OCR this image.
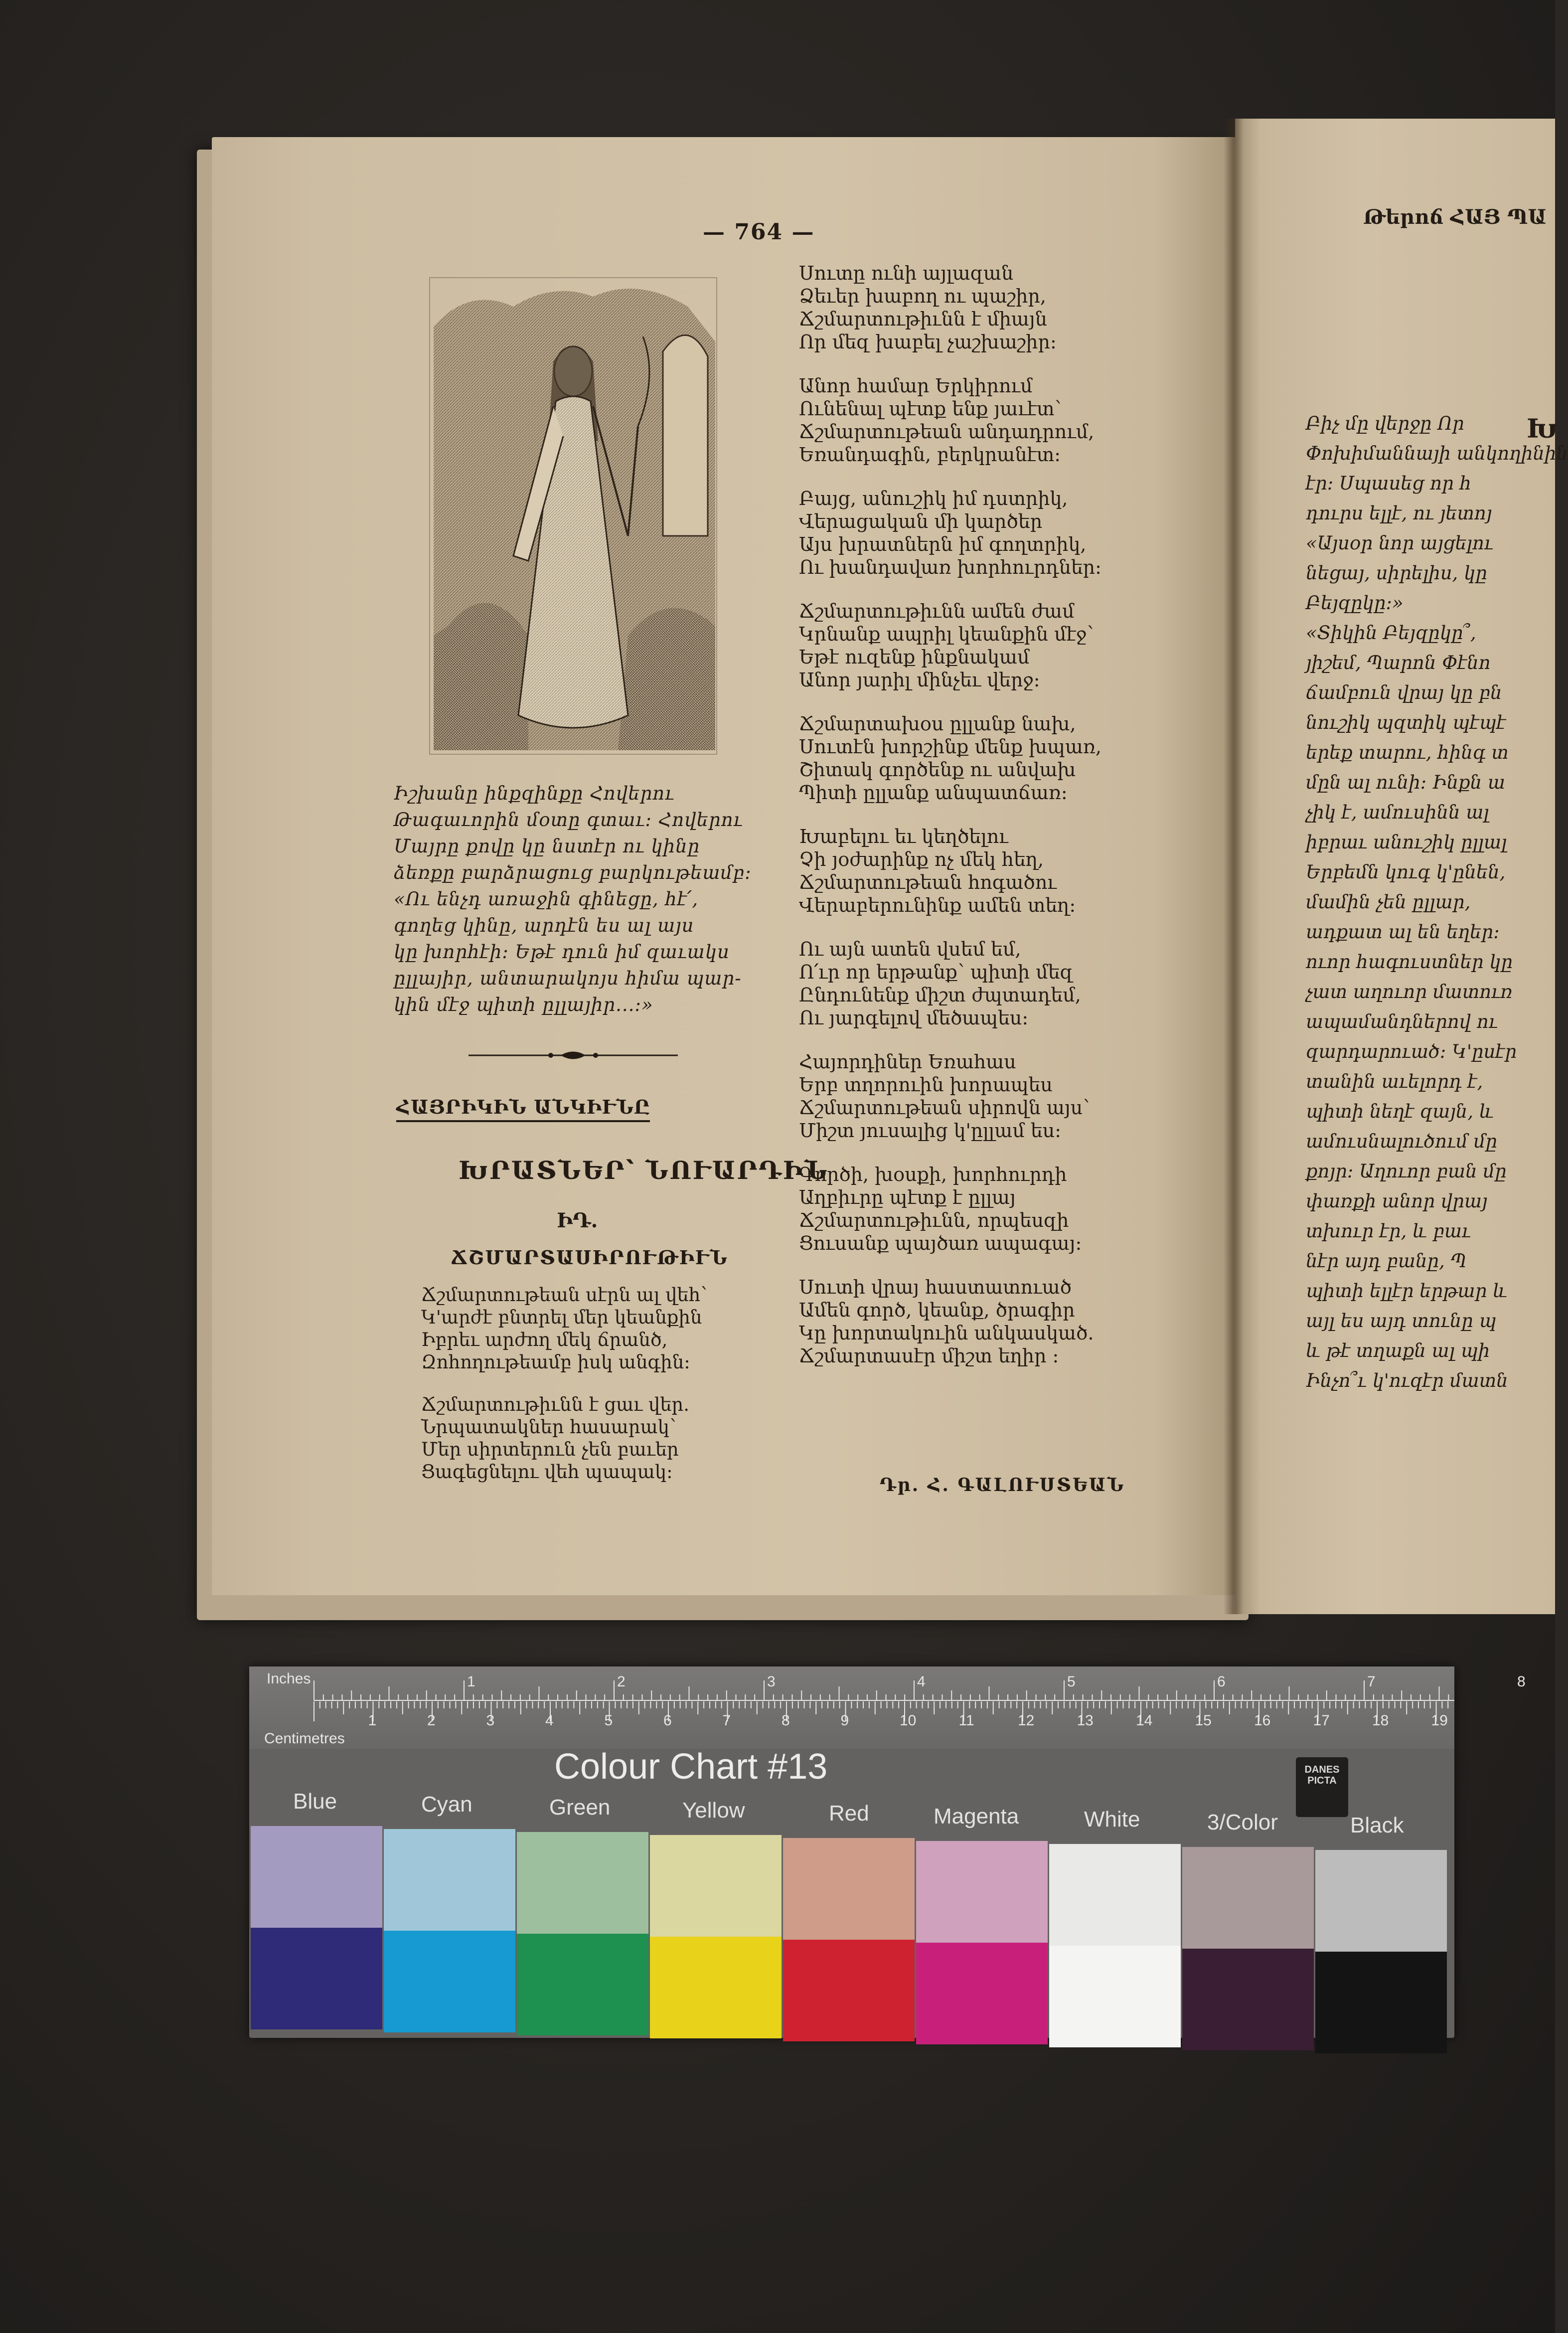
— 764 —
Թերոճ ՀԱՅ ՊԱ

Իշխանը ինքզինքը Հովերու

Թագաւորին մօտը գտաւ։ Հովերու

Մայրը քովը կը նստէր ու կինը

ձեռքը բարձրացուց բարկութեամբ։

«Ու ենչդ առաջին գինեցը, հէ՛,

գողեց կինը, արդէն ես ալ այս

կը խորհէի։ Եթէ դուն իմ զաւակս

ըլլայիր, անտարակոյս հիմա պար-

կին մէջ պիտի ըլլայիր...։»

ՀԱՅՐԻԿԻՆ ԱՆԿԻՒՆԸ
ԽՐԱՏՆԵՐ՝ ՆՈՒԱՐԴԻՆ
ԻԴ.
ՃՇՄԱՐՏԱՍԻՐՈՒԹԻՒՆ

Ճշմարտութեան սէրն ալ վեհ՝

Կ'արժէ բնտրել մեր կեանքին

Իբրեւ արժող մեկ ճրանծ,

Զոհողութեամբ իսկ անգին:

Ճշմարտութիւնն է ցաւ վեր.

Նրպատակներ հասարակ՝

Մեր սիրտերուն չեն բաւեր

Ցագեցնելու վեհ պապակ:

Սուտը ունի այլազան

Ձեւեր խաբող ու պաշիր,

Ճշմարտութիւնն է միայն

Որ մեզ խաբել չաշխաշիր:

Անոր համար Երկիրում

Ունենալ պէտք ենք յաւէտ՝

Ճշմարտութեան անդադրում,

Եռանդագին, բերկրանէտ:

Բայց, անուշիկ իմ դստրիկ,

Վերացական մի կարծեր

Այս խրատներն իմ գողտրիկ,

Ու խանդավառ խորհուրդներ:

Ճշմարտութիւնն ամեն ժամ

Կրնանք ապրիլ կեանքին մէջ՝

Եթէ ուզենք ինքնակամ

Անոր յարիլ մինչեւ վերջ:

Ճշմարտախօս ըլլանք նախ,

Սուտէն խորշինք մենք խպառ,

Շիտակ գործենք ու անվախ

Պիտի ըլլանք անպատճառ:

Խաբելու եւ կեղծելու

Չի յօժարինք ոչ մեկ հեղ,

Ճշմարտութեան հոգածու

Վերաբերունինք ամեն տեղ:

Ու այն ատեն վսեմ եմ,

Ո՛ւր որ երթանք՝ պիտի մեզ

Ընդունենք միշտ ժպտադեմ,

Ու յարգելով մեծապես:

Հայորդիներ Եռահաս

Երբ տղորուին խորապես

Ճշմարտութեան սիրովն այս՝

Միշտ յուսալից կ'ըլլամ ես:

Գործի, խօսքի, խորհուրդի

Աղբիւրը պէտք է ըլլայ

Ճշմարտութիւնն, որպեսզի

Ցուսանք պայծառ ապագայ:

Սուտի վրայ հաստատուած

Ամեն գործ, կեանք, ծրագիր

Կը խորտակուին անկասկած.

Ճշմարտասէր միշտ եղիր :

Դր. Հ. ԳԱԼՈՒՍՏԵԱՆ
Խ

Բիչ մը վերջը Որ

Փոխիմաննայի անկողինին

էր։ Սպասեց որ հ

դուրս ելլէ, ու յետոյ

«Այսօր նոր այցելու

նեցայ, սիրելիս, կը

Բեյզըկը։»

«Տիկին Բեյզըկը՞,

յիշեմ, Պարոն Փէնո

ճամբուն վրայ կը բն

նուշիկ պզտիկ պէպէ

երեք տարու, հինգ տ

մըն ալ ունի։ Ինքն ա

չիկ է, ամուսինն ալ

իբրաւ անուշիկ ըլլալ

Երբեմն կուգ կ'ընեն,

մամին չեն ըլլար,

ադքատ ալ են եղեր։

ուոր հագուստներ կը

չատ աղուոր մատուռ

ապամանդներով ու

զարդարուած։ Կ'ըսէր

տանին աւելորդ է,

պիտի նեղէ զայն, և

ամուսնալուծում մը

քոյր։ Աղուոր բան մը

փառքի անոր վրայ

տխուր էր, և բաւ

նէր այդ բանը, Պ

պիտի ելլէր երթար և

այլ ես այդ տունը պ

և թէ տղաքն ալ պի

Ինչո՞ւ կ'ուզէր մատն

Inches
Centimetres
1	2	3	4	5	6	7	8
1	2	3	4	5	6	7	8	9	10	11	12	13	14	15	16	17	18	19
Colour Chart #13	DANES PICTA
Blue	Cyan	Green	Yellow	Red	Magenta	White	3/Color	Black
